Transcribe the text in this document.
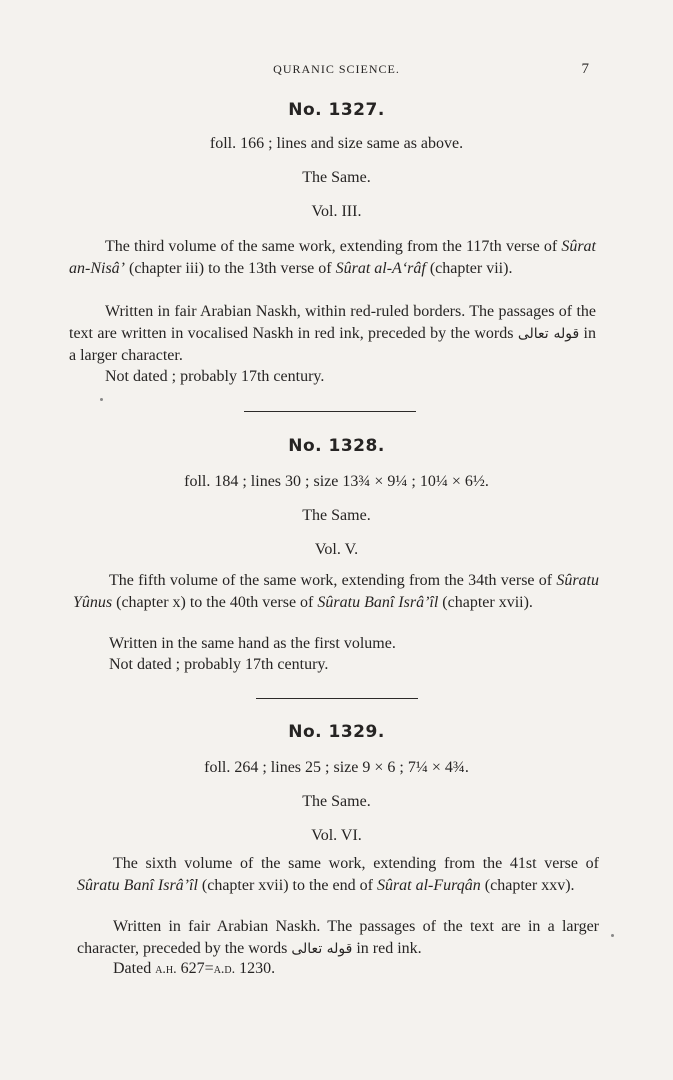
QURANIC SCIENCE.	7
No. 1327.
foll. 166 ; lines and size same as above.
The Same.
Vol. III.
The third volume of the same work, extending from the 117th verse of Sûrat an-Nisâ’ (chapter iii) to the 13th verse of Sûrat al-A‘râf (chapter vii).
Written in fair Arabian Naskh, within red-ruled borders. The passages of the text are written in vocalised Naskh in red ink, preceded by the words قوله تعالى in a larger character.
Not dated ; probably 17th century.
No. 1328.
foll. 184 ; lines 30 ; size 13¾ × 9¼ ; 10¼ × 6½.
The Same.
Vol. V.
The fifth volume of the same work, extending from the 34th verse of Sûratu Yûnus (chapter x) to the 40th verse of Sûratu Banî Isrâ’îl (chapter xvii).
Written in the same hand as the first volume.
Not dated ; probably 17th century.
No. 1329.
foll. 264 ; lines 25 ; size 9 × 6 ; 7¼ × 4¾.
The Same.
Vol. VI.
The sixth volume of the same work, extending from the 41st verse of Sûratu Banî Isrâ’îl (chapter xvii) to the end of Sûrat al-Furqân (chapter xxv).
Written in fair Arabian Naskh. The passages of the text are in a larger character, preceded by the words قوله تعالى in red ink.
Dated a.h. 627=a.d. 1230.
